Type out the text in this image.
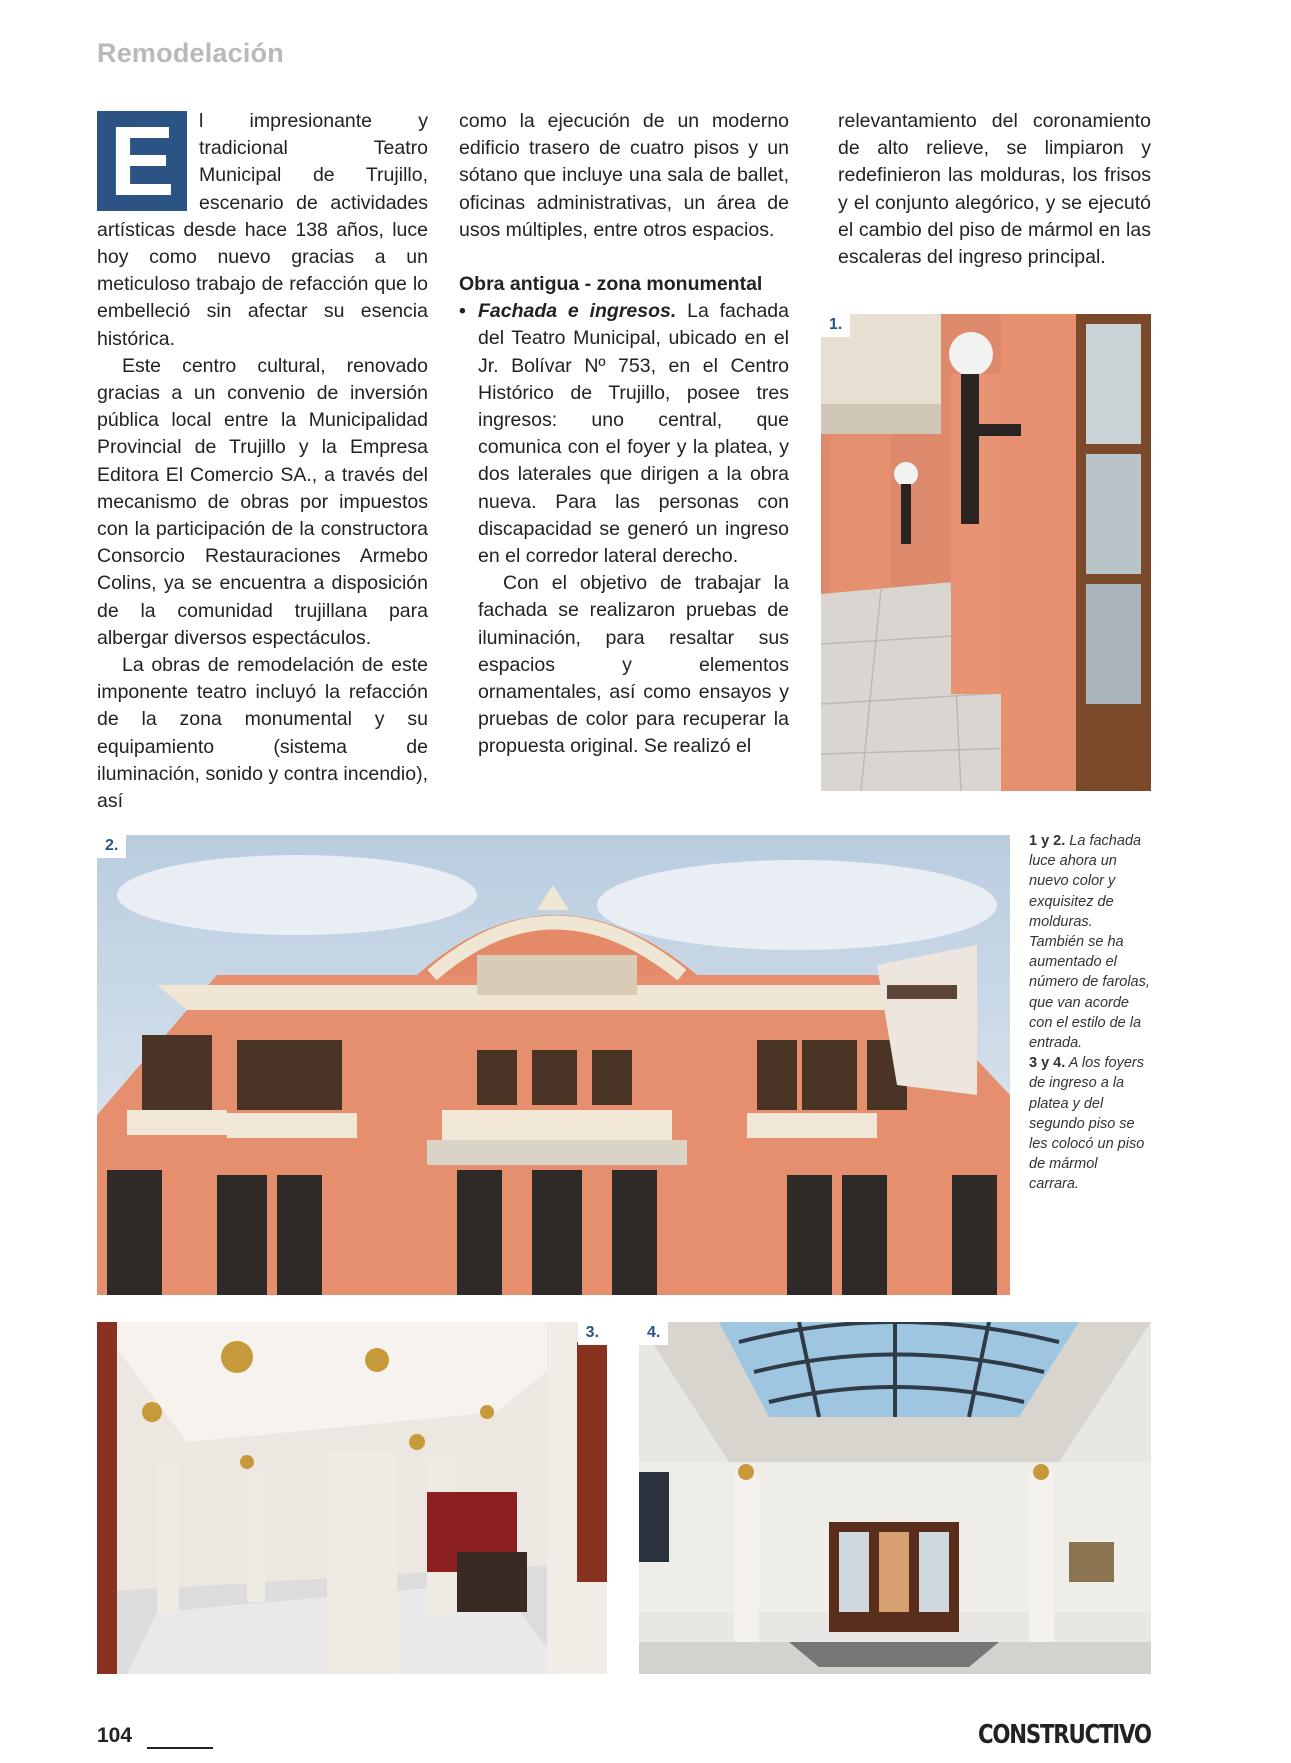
Remodelación
E	l impresionante y tradicional Teatro Municipal de Trujillo, escenario de actividades artísticas desde hace 138 años, luce hoy como nuevo gracias a un meticuloso trabajo de refacción que lo embelleció sin afectar su esencia histórica.

Este centro cultural, renovado gracias a un convenio de inversión pública local entre la Municipalidad Provincial de Trujillo y la Empresa Editora El Comercio SA., a través del mecanismo de obras por impuestos con la participación de la constructora Consorcio Restauraciones Armebo Colins, ya se encuentra a disposición de la comunidad trujillana para albergar diversos espectáculos.

La obras de remodelación de este imponente teatro incluyó la refacción de la zona monumental y su equipamiento (sistema de iluminación, sonido y contra incendio), así

como la ejecución de un moderno edificio trasero de cuatro pisos y un sótano que incluye una sala de ballet, oficinas administrativas, un área de usos múltiples, entre otros espacios.

Obra antigua - zona monumental

• Fachada e ingresos. La fachada del Teatro Municipal, ubicado en el Jr. Bolívar Nº 753, en el Centro Histórico de Trujillo, posee tres ingresos: uno central, que comunica con el foyer y la platea, y dos laterales que dirigen a la obra nueva. Para las personas con discapacidad se generó un ingreso en el corredor lateral derecho.

Con el objetivo de trabajar la fachada se realizaron pruebas de iluminación, para resaltar sus espacios y elementos ornamentales, así como ensayos y pruebas de color para recuperar la propuesta original. Se realizó el

relevantamiento del coronamiento de alto relieve, se limpiaron y redefinieron las molduras, los frisos y el conjunto alegórico, y se ejecutó el cambio del piso de mármol en las escaleras del ingreso principal.

1.
2.	1 y 2. La fachada luce ahora un nuevo color y exquisitez de molduras. También se ha aumentado el número de farolas, que van acorde con el estilo de la entrada.

3 y 4. A los foyers de ingreso a la platea y del segundo piso se les colocó un piso de mármol carrara.

3.	4.
104	CONSTRUCTIVO
